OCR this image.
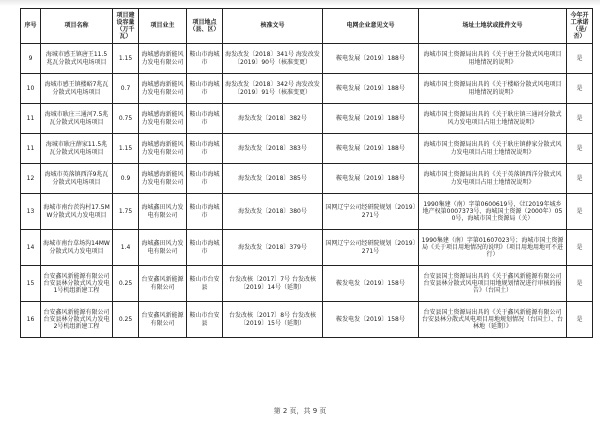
序号	项目名称	项目建设容量（万千瓦）	项目业主	项目地点（县、区）	核准文号	电网企业意见文号	场址土地状或批件文号	今年开工承诺（是/否）
9	海城市感王镇唐王11.5兆瓦分散式风电场项目	1.15	海城感海新能风力发电有限公司	鞍山市海城市	海发改发〔2018〕341号 海发改发〔2019〕90号（核准变更）	鞍电发展〔2019〕188号	海城市国土资源局出具的《关于唐王分散式风电项目用地情况的说明》	是
10	海城市感王镇楼峪7兆瓦分散式风电场项目	0.7	海城感海新能风力发电有限公司	鞍山市海城市	海发改发〔2018〕342号 海发改发〔2019〕91号（核准变更）	鞍电发展〔2019〕188号	海城市国土资源局出具的《关于楼峪分散式风电项目用地情况的说明》	是
11	海城市耿庄三通河7.5兆瓦分散式风电场项目	0.75	海城感海新能风力发电有限公司	鞍山市海城市	海发改发〔2018〕382号	鞍电发展〔2019〕188号	海城市国土资源局出具的《关于耿庄镇三通河分散式风力发电项目占用土地情况说明》	是
11	海城市耿庄薛家11.5兆瓦分散式风电场项目	1.15	海城感海新能风力发电有限公司	鞍山市海城市	海发改发〔2018〕383号	鞍电发展〔2019〕188号	海城市国土资源局出具的《关于耿庄镇薛家分散式风力发电项目占用土地情况说明》	是
12	海城市英落镇西洋9兆瓦分散式风电场项目	0.9	海城感海新能风力发电有限公司	鞍山市海城市	海发改发〔2018〕385号	鞍电发展〔2019〕188号	海城市国土资源局出具的《关于英落镇西洋分散式风力发电项目占用土地情况说明》	是
13	海城市南台茨沟村17.5MW分散式风力发电项目	1.75	海城鑫田风力发电有限公司	鞍山市海城市	海发改发〔2018〕380号	国网辽宁公司经研院规划〔2019〕271号	1990集建（南）字第0600619号，《红2019年城乡地产权第0007373号、海城国土资源（2000年）050号，海城市国土资源局（关）	是
14	海城市南台草场沟14MW分散式风力发电项目	1.4	海城鑫田风力发电有限公司	鞍山市海城市	海发改发〔2018〕379号	国网辽宁公司经研院规划〔2019〕271号	1990集建（南）字第01607023号；海城市国土资源局《关于项目用地情况的说明》（项目用地用地可不进行）	是
15	台安鑫风新能源有限公司台安县林分散式风力发电1号机组新建工程	0.25	台安鑫风新能源有限公司	鞍山市台安县	台发改核〔2017〕7号 台发改核〔2019〕14号（延期）	鞍发电发〔2019〕158号	台安县国土资源局出具的《关于鑫风新能源有限公司台安县林分散式风电项目用地规划情况进行审核的报告》（台国土）	是
16	台安鑫风新能源有限公司台安县林分散式风力发电2号机组新建工程	0.25	台安鑫风新能源有限公司	鞍山市台安县	台发改核〔2017〕8号 台发改核〔2019〕15号（延期）	鞍发电发〔2019〕158号	台安县国土资源局出具的《关于鑫风新能源有限公司台安县林分散式风电项目用地规划情况（台国土）、台林地（延期）》	是
第 2 页，共 9 页
